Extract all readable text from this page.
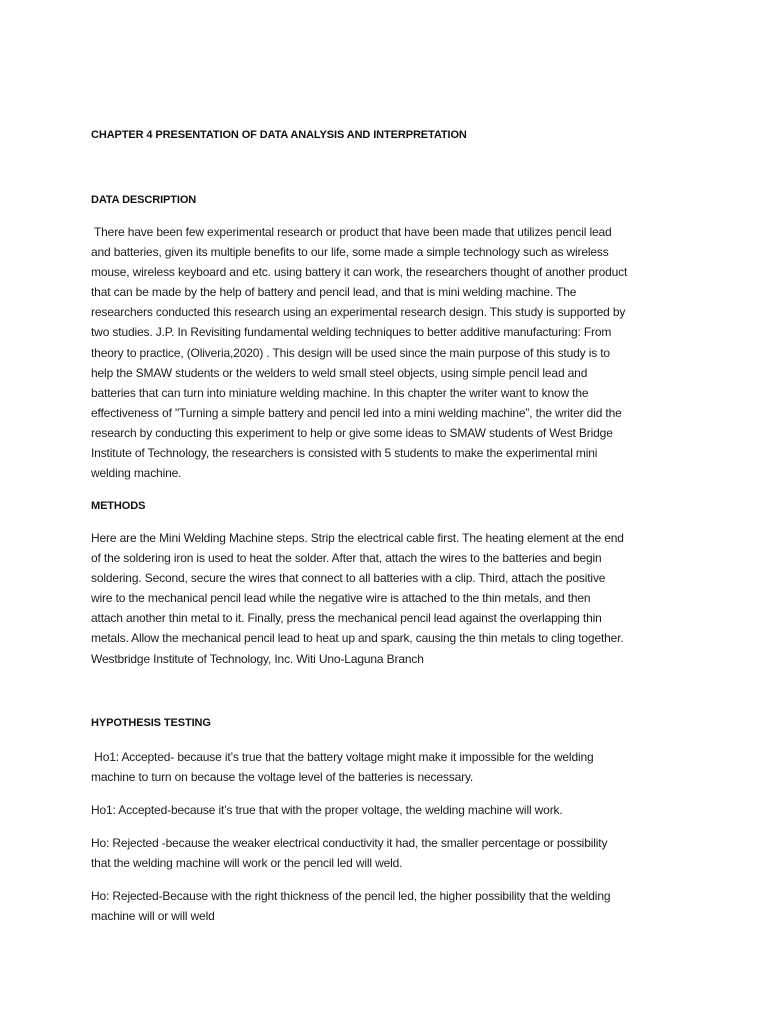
CHAPTER 4 PRESENTATION OF DATA ANALYSIS AND INTERPRETATION
DATA DESCRIPTION
There have been few experimental research or product that have been made that utilizes pencil lead
and batteries, given its multiple benefits to our life, some made a simple technology such as wireless
mouse, wireless keyboard and etc. using battery it can work, the researchers thought of another product
that can be made by the help of battery and pencil lead, and that is mini welding machine. The
researchers conducted this research using an experimental research design. This study is supported by
two studies. J.P. In Revisiting fundamental welding techniques to better additive manufacturing: From
theory to practice, (Oliveria,2020) . This design will be used since the main purpose of this study is to
help the SMAW students or the welders to weld small steel objects, using simple pencil lead and
batteries that can turn into miniature welding machine. In this chapter the writer want to know the
effectiveness of "Turning a simple battery and pencil led into a mini welding machine”, the writer did the
research by conducting this experiment to help or give some ideas to SMAW students of West Bridge
Institute of Technology, the researchers is consisted with 5 students to make the experimental mini
welding machine.
METHODS
Here are the Mini Welding Machine steps. Strip the electrical cable first. The heating element at the end
of the soldering iron is used to heat the solder. After that, attach the wires to the batteries and begin
soldering. Second, secure the wires that connect to all batteries with a clip. Third, attach the positive
wire to the mechanical pencil lead while the negative wire is attached to the thin metals, and then
attach another thin metal to it. Finally, press the mechanical pencil lead against the overlapping thin
metals. Allow the mechanical pencil lead to heat up and spark, causing the thin metals to cling together.
Westbridge Institute of Technology, Inc. Witi Uno-Laguna Branch
HYPOTHESIS TESTING
Ho1: Accepted- because it’s true that the battery voltage might make it impossible for the welding
machine to turn on because the voltage level of the batteries is necessary.
Ho1: Accepted-because it’s true that with the proper voltage, the welding machine will work.
Ho: Rejected -because the weaker electrical conductivity it had, the smaller percentage or possibility
that the welding machine will work or the pencil led will weld.
Ho: Rejected-Because with the right thickness of the pencil led, the higher possibility that the welding
machine will or will weld
